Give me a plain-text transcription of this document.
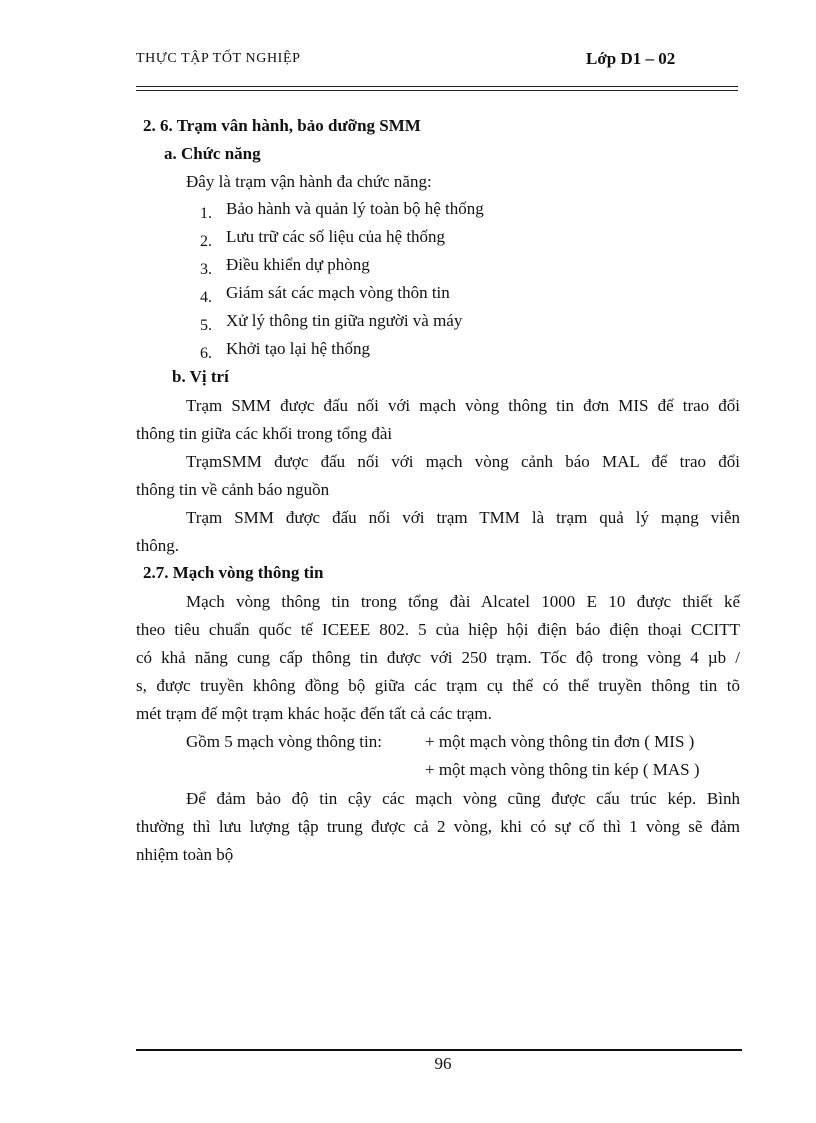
THỰC TẬP TỐT NGHIỆP	Lớp D1 – 02
2. 6. Trạm vân hành, bảo dưỡng SMM
a. Chức năng
Đây là trạm vận hành đa chức năng:
1. Bảo hành và quản lý toàn bộ hệ thống
2. Lưu trữ các số liệu của hệ thống
3. Điều khiển dự phòng
4. Giám sát các mạch vòng thôn tin
5. Xử lý thông tin giữa người và máy
6. Khởi tạo lại hệ thống
b. Vị trí
Trạm SMM được đấu nối với mạch vòng thông tin đơn MIS để trao đổi
thông tin giữa các khối trong tổng đài
TrạmSMM được đấu nối với mạch vòng cảnh báo MAL để trao đổi
thông tin về cảnh báo nguồn
Trạm SMM được đấu nối với trạm TMM là trạm quả lý mạng viễn
thông.
2.7. Mạch vòng thông tin
Mạch vòng thông tin trong tổng đài Alcatel 1000 E 10 được thiết kế
theo tiêu chuẩn quốc tế ICEEE 802. 5 của hiệp hội điện báo điện thoại CCITT
có khả năng cung cấp thông tin được với 250 trạm. Tốc độ trong vòng 4 µb /
s, được truyền không đồng bộ giữa các trạm cụ thể có thể truyền thông tin tõ
mét trạm đế một trạm khác hoặc đến tất cả các trạm.
Gồm 5 mạch vòng thông tin:	+ một mạch vòng thông tin đơn ( MIS )
+ một mạch vòng thông tin kép ( MAS )
Để đảm bảo độ tin cậy các mạch vòng cũng được cấu trúc kép. Bình
thường thì lưu lượng tập trung được cả 2 vòng, khi có sự cố thì 1 vòng sẽ đảm
nhiệm toàn bộ
96
